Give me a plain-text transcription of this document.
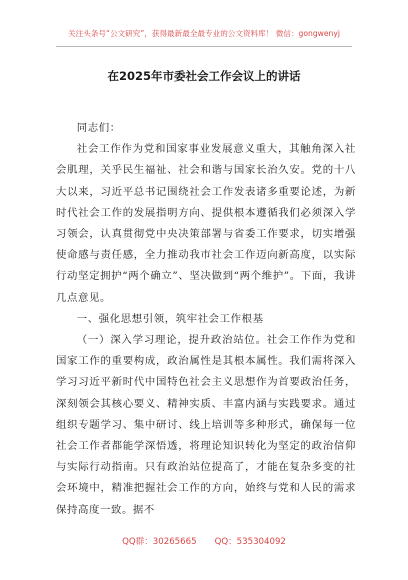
关注头条号“公文研究”，获得最新最全最专业的公文资料库！ 微信：gongwenyj
在2025年市委社会工作会议上的讲话

同志们：

社会工作作为党和国家事业发展意义重大，其触角深入社会肌理，关乎民生福祉、社会和谐与国家长治久安。党的十八大以来，习近平总书记围绕社会工作发表诸多重要论述，为新时代社会工作的发展指明方向、提供根本遵循我们必须深入学习领会，认真贯彻党中央决策部署与省委工作要求，切实增强使命感与责任感，全力推动我市社会工作迈向新高度，以实际行动坚定拥护“两个确立”、坚决做到“两个维护”。下面，我讲几点意见。

一、强化思想引领，筑牢社会工作根基

（一）深入学习理论，提升政治站位。社会工作作为党和国家工作的重要构成，政治属性是其根本属性。我们需将深入学习习近平新时代中国特色社会主义思想作为首要政治任务，深刻领会其核心要义、精神实质、丰富内涵与实践要求。通过组织专题学习、集中研讨、线上培训等多种形式，确保每一位社会工作者都能学深悟透，将理论知识转化为坚定的政治信仰与实际行动指南。只有政治站位提高了，才能在复杂多变的社会环境中，精准把握社会工作的方向，始终与党和人民的需求保持高度一致。据不

QQ群：30265665 QQ：535304092
